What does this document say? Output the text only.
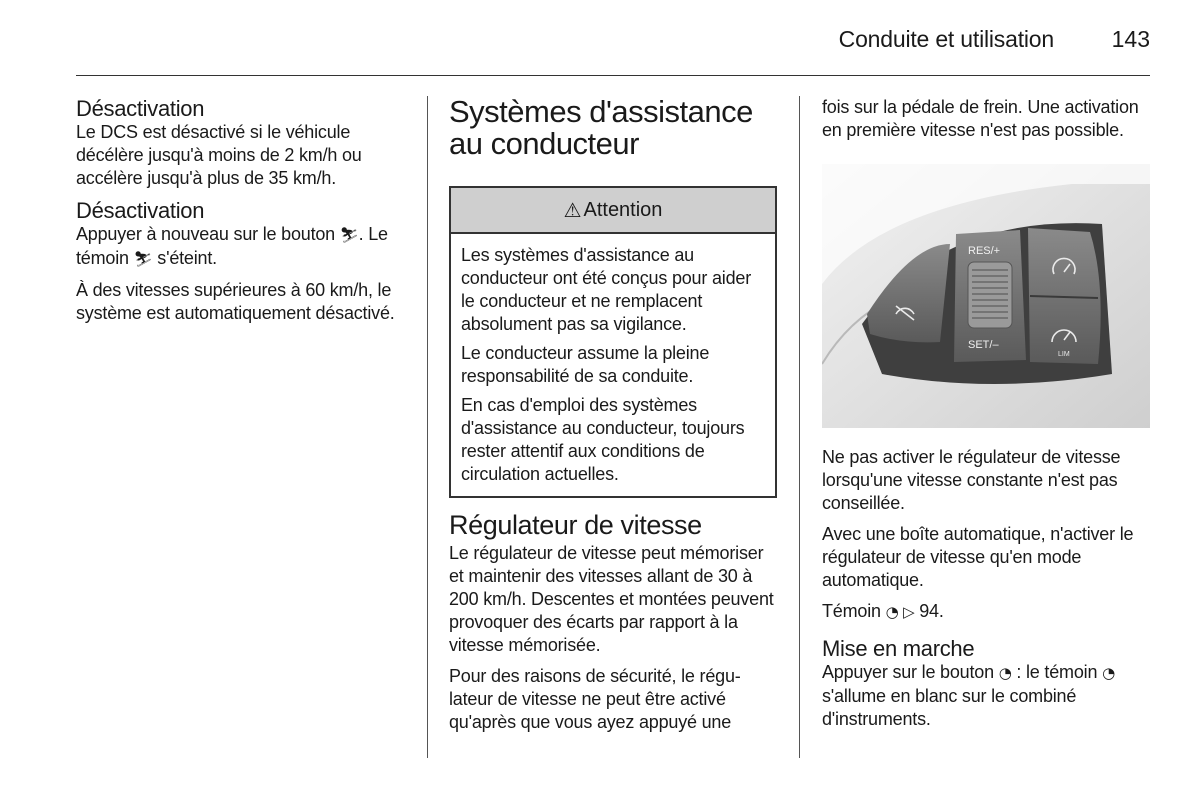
Conduite et utilisation	143
Désactivation

Le DCS est désactivé si le véhicule décélère jusqu'à moins de 2 km/h ou accélère jusqu'à plus de 35 km/h.

Désactivation

Appuyer à nouveau sur le bouton ⛷. Le témoin ⛷ s'éteint.

À des vitesses supérieures à 60 km/h, le système est automatiquement désactivé.

Systèmes d'assistance au conducteur
⚠ Attention

Les systèmes d'assistance au conducteur ont été conçus pour aider le conducteur et ne remplacent absolument pas sa vigilance.

Le conducteur assume la pleine responsabilité de sa conduite.

En cas d'emploi des systèmes d'assistance au conducteur, toujours rester attentif aux conditions de circulation actuelles.

Régulateur de vitesse

Le régulateur de vitesse peut mémoriser et maintenir des vitesses allant de 30 à 200 km/h. Descentes et montées peuvent provoquer des écarts par rapport à la vitesse mémorisée.

Pour des raisons de sécurité, le régulateur de vitesse ne peut être activé qu'après que vous ayez appuyé une

fois sur la pédale de frein. Une activation en première vitesse n'est pas possible.

RES/+
SET/–
LIM

Ne pas activer le régulateur de vitesse lorsqu'une vitesse constante n'est pas conseillée.

Avec une boîte automatique, n'activer le régulateur de vitesse qu'en mode automatique.

Témoin ◔ ▷ 94.

Mise en marche

Appuyer sur le bouton ◔ : le témoin ◔ s'allume en blanc sur le combiné d'instruments.
